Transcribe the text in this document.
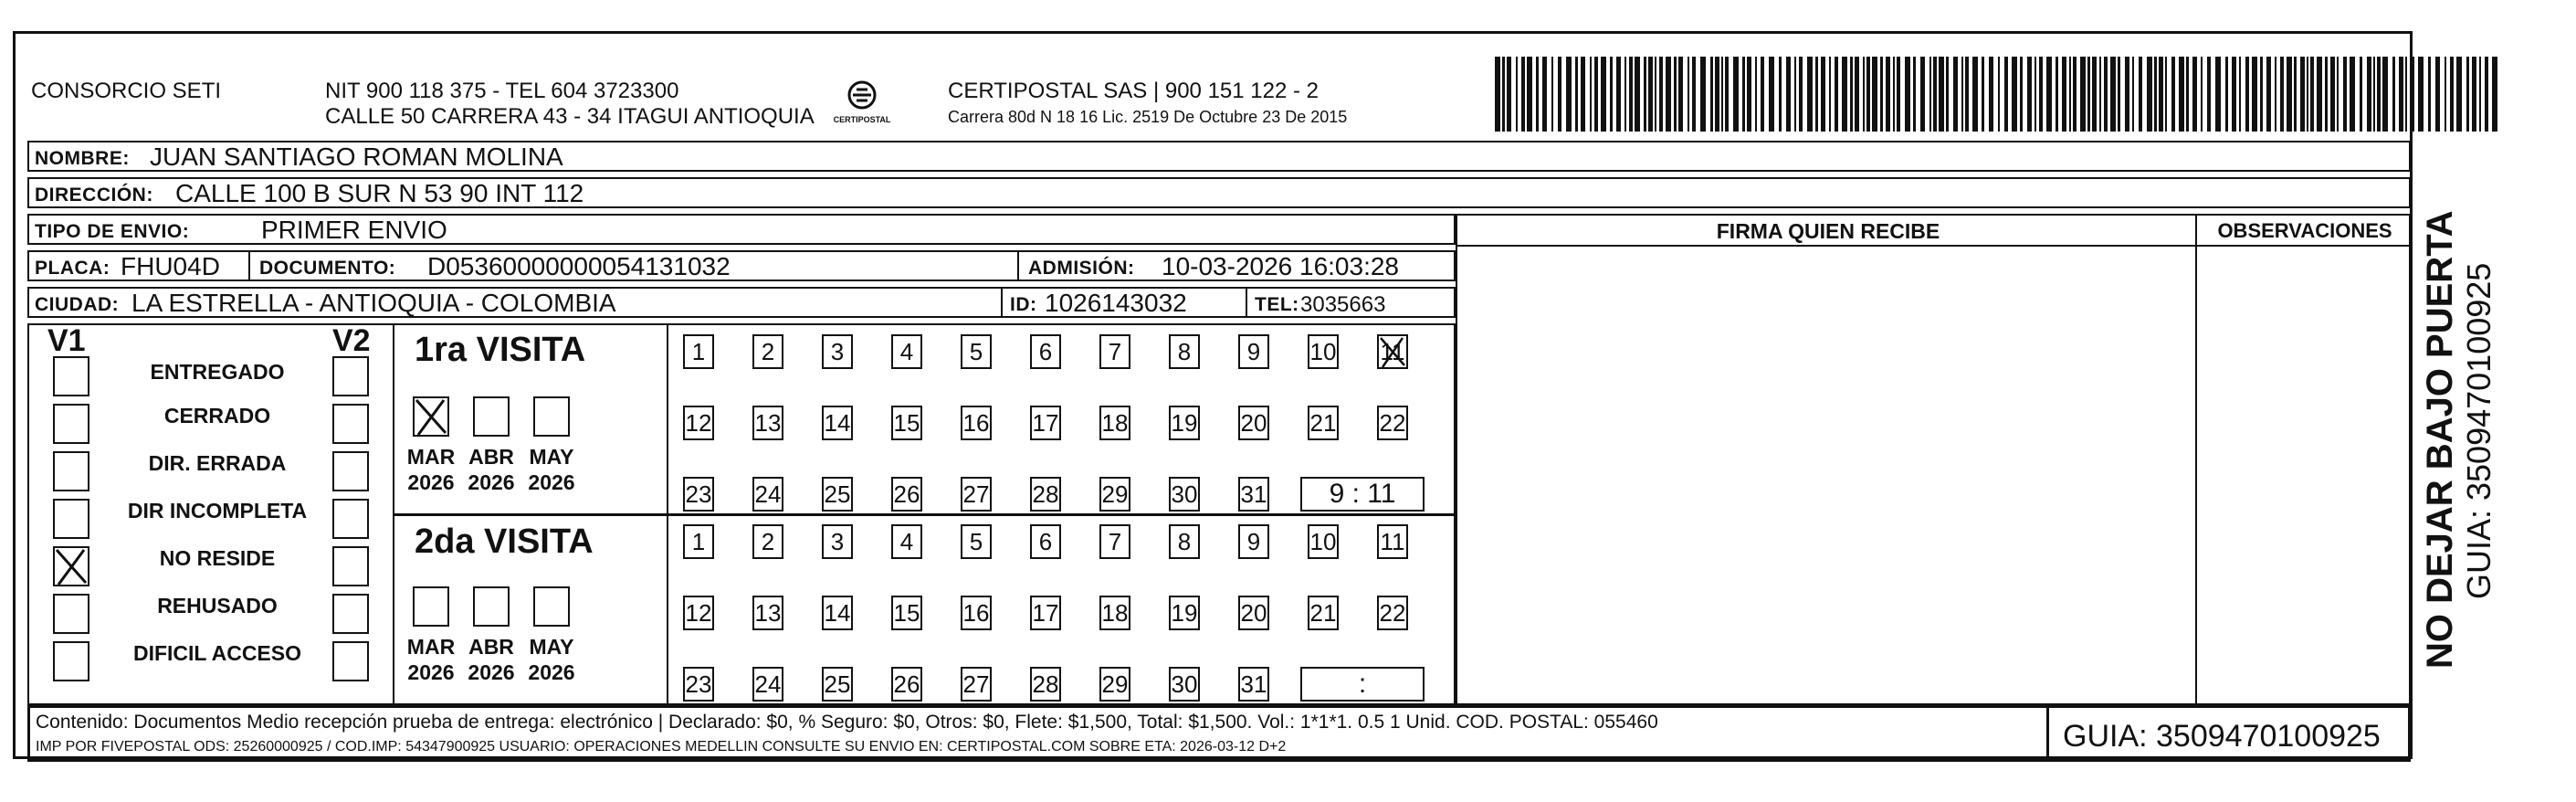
CONSORCIO SETI	NIT 900 118 375 - TEL 604 3723300
CALLE 50 CARRERA 43 - 34 ITAGUI ANTIOQUIA CERTIPOSTAL
CERTIPOSTAL SAS | 900 151 122 - 2
Carrera 80d N 18 16 Lic. 2519 De Octubre 23 De 2015
NOMBRE: JUAN SANTIAGO ROMAN MOLINA
DIRECCIÓN: CALLE 100 B SUR N 53 90 INT 112
TIPO DE ENVIO:	PRIMER ENVIO
PLACA: FHU04D DOCUMENTO: D05360000000054131032	ADMISIÓN: 10-03-2026 16:03:28
CIUDAD: LA ESTRELLA - ANTIOQUIA - COLOMBIA	ID: 1026143032	TEL: 3035663
FIRMA QUIEN RECIBE	OBSERVACIONES
V1	V2
ENTREGADO
CERRADO
DIR. ERRADA
DIR INCOMPLETA
NO RESIDE
REHUSADO
DIFICIL ACCESO
1ra VISITA
2da VISITA
MAR
2026
ABR
2026
MAY
2026
1	2	3	4	5	6	7	8	9	10 11
12 13 14 15 16 17 18 19 20 21 22
23 24 25 26 27 28 29 30 31	9 : 11
MAR
2026
ABR
2026
MAY
2026
1	2	3	4	5	6	7	8	9	10 11
12 13 14 15 16 17 18 19 20 21 22
23 24 25 26 27 28 29 30 31	:
Contenido: Documentos Medio recepción prueba de entrega: electrónico | Declarado: $0, % Seguro: $0, Otros: $0, Flete: $1,500, Total: $1,500. Vol.: 1*1*1. 0.5 1 Unid. COD. POSTAL: 055460
IMP POR FIVEPOSTAL ODS: 25260000925 / COD.IMP: 54347900925 USUARIO: OPERACIONES MEDELLIN CONSULTE SU ENVIO EN: CERTIPOSTAL.COM SOBRE ETA: 2026-03-12 D+2	GUIA: 3509470100925
NO DEJAR BAJO PUERTA GUIA: 3509470100925
